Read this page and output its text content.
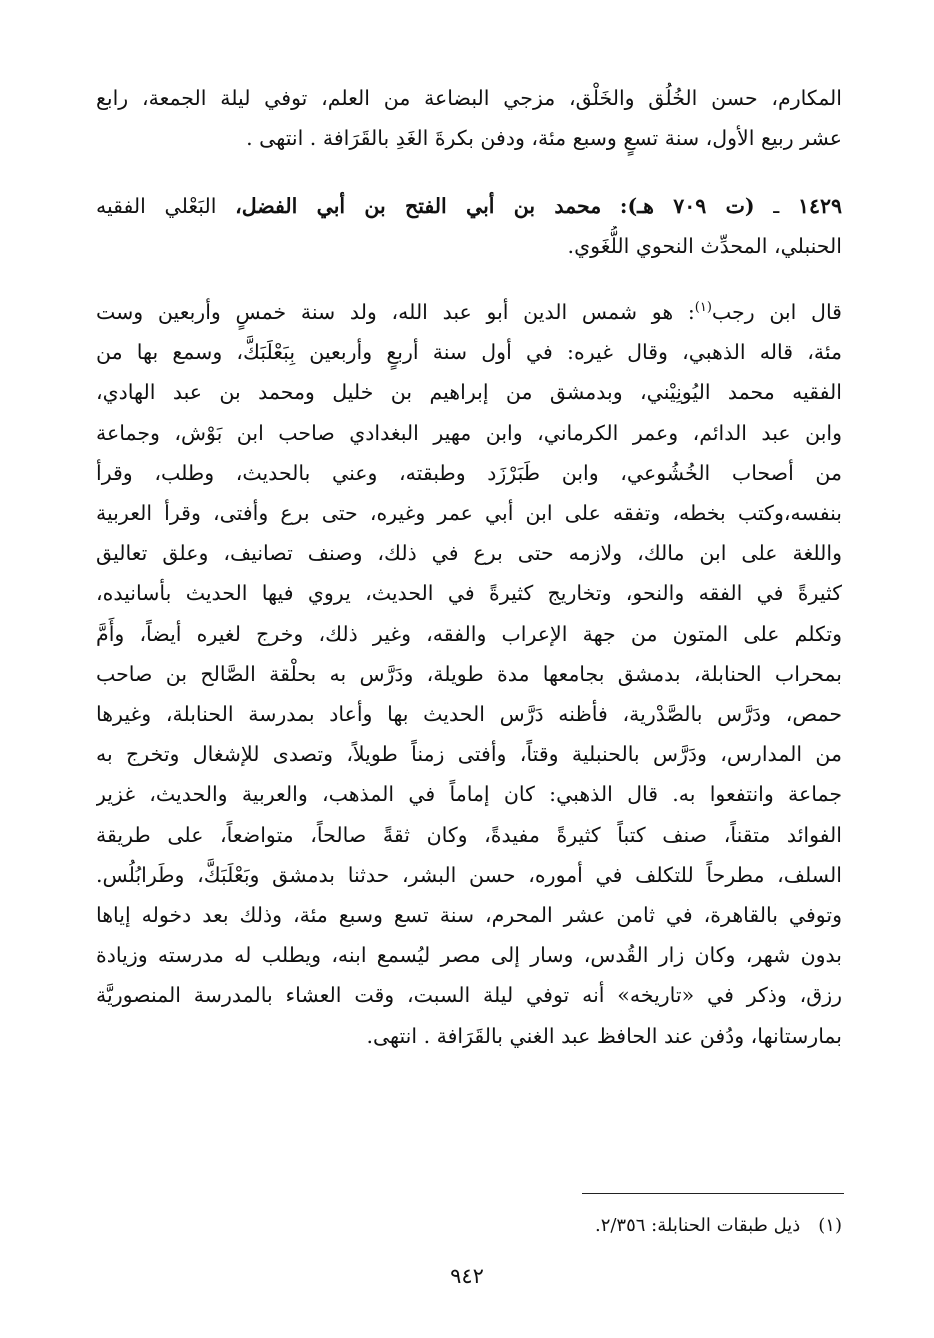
المكارم، حسن الخُلُق والخَلْق، مزجي البضاعة من العلم، توفي ليلة الجمعة، رابع
عشر ربيع الأول، سنة تسعٍ وسبع مئة، ودفن بكرةَ الغَدِ بالقَرَافة . انتهى .
١٤٢٩ ـ (ت ٧٠٩ هـ): محمد بن أبي الفتح بن أبي الفضل، البَعْلي الفقيه
الحنبلي، المحدِّث النحوي اللُّغَوي.
قال ابن رجب$^{(١)}$: هو شمس الدين أبو عبد الله، ولد سنة خمسٍ وأربعين وست
مئة، قاله الذهبي، وقال غيره: في أول سنة أربعٍ وأربعين بِبَعْلَبَكَّ، وسمع بها من
الفقيه محمد اليُونِيْني، وبدمشق من إبراهيم بن خليل ومحمد بن عبد الهادي،
وابن عبد الدائم، وعمر الكرماني، وابن مهير البغدادي صاحب ابن بَوْش، وجماعة
من أصحاب الخُشُوعي، وابن طَبَرْزَد وطبقته، وعني بالحديث، وطلب، وقرأ
بنفسه،وكتب بخطه، وتفقه على ابن أبي عمر وغيره، حتى برع وأفتى، وقرأ العربية
واللغة على ابن مالك، ولازمه حتى برع في ذلك، وصنف تصانيف، وعلق تعاليق
كثيرةً في الفقه والنحو، وتخاريج كثيرةً في الحديث، يروي فيها الحديث بأسانيده،
وتكلم على المتون من جهة الإعراب والفقه، وغير ذلك، وخرج لغيره أيضاً، وأَمَّ
بمحراب الحنابلة، بدمشق بجامعها مدة طويلة، ودَرَّس به بحلْقة الصَّالح بن صاحب
حمص، ودَرَّس بالصَّدْرية، فأظنه دَرَّس الحديث بها وأعاد بمدرسة الحنابلة، وغيرها
من المدارس، ودَرَّس بالحنبلية وقتاً، وأفتى زمناً طويلاً، وتصدى للإشغال وتخرج به
جماعة وانتفعوا به. قال الذهبي: كان إماماً في المذهب، والعربية والحديث، غزير
الفوائد متقناً، صنف كتباً كثيرةً مفيدةً، وكان ثقةً صالحاً، متواضعاً، على طريقة
السلف، مطرحاً للتكلف في أموره، حسن البشر، حدثنا بدمشق وبَعْلَبَكَّ، وطَرابُلُس.
وتوفي بالقاهرة، في ثامن عشر المحرم، سنة تسع وسبع مئة، وذلك بعد دخوله إياها
بدون شهر، وكان زار القُدس، وسار إلى مصر ليُسمع ابنه، ويطلب له مدرسته وزيادة
رزق، وذكر في «تاريخه» أنه توفي ليلة السبت، وقت العشاء بالمدرسة المنصوريَّة
بمارستانها، ودُفن عند الحافظ عبد الغني بالقَرَافة . انتهى.
(١)ذيل طبقات الحنابلة: ٢/٣٥٦.
٩٤٢
